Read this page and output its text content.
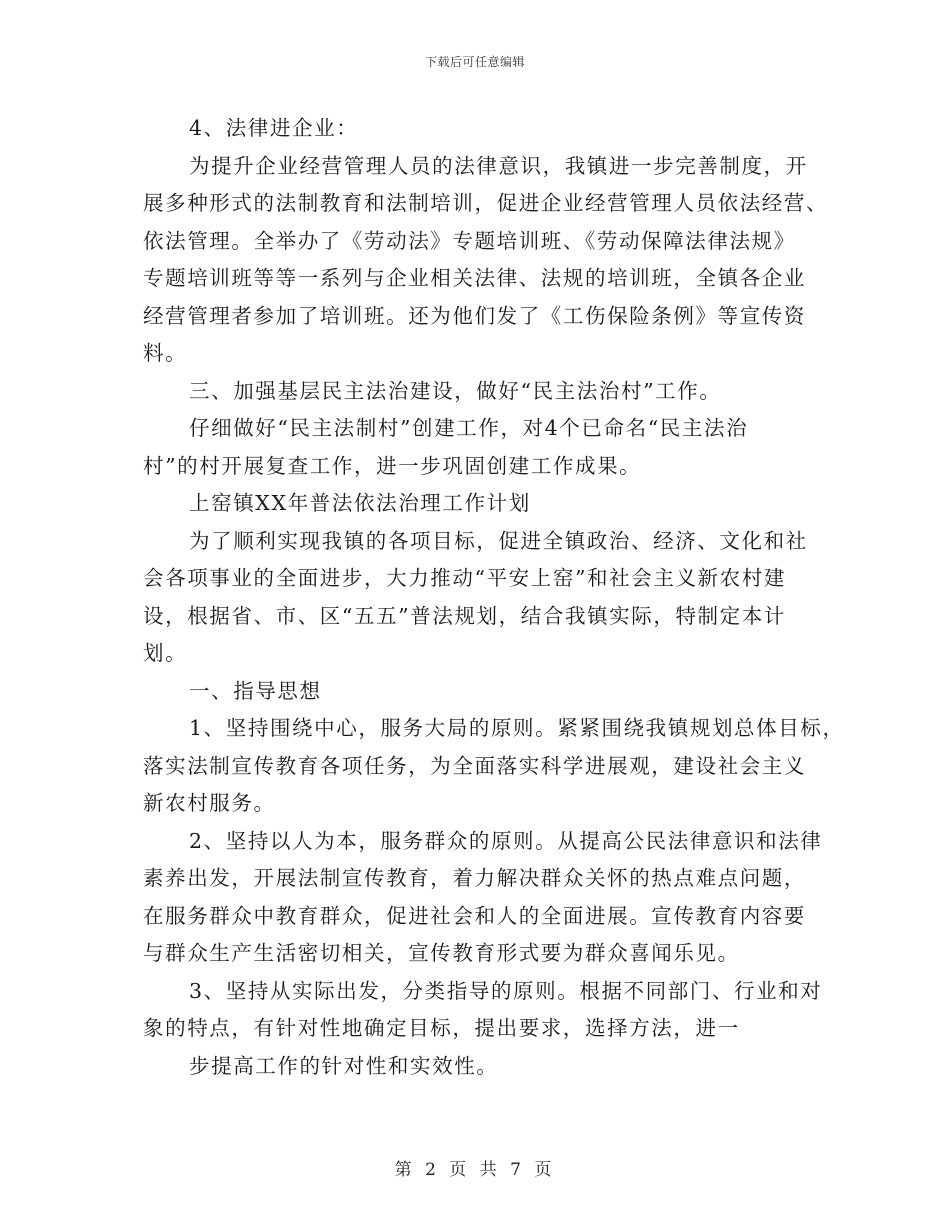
下载后可任意编辑
4、法律进企业：
为提升企业经营管理人员的法律意识，我镇进一步完善制度，开
展多种形式的法制教育和法制培训，促进企业经营管理人员依法经营、
依法管理。全举办了《劳动法》专题培训班、《劳动保障法律法规》
专题培训班等等一系列与企业相关法律、法规的培训班，全镇各企业
经营管理者参加了培训班。还为他们发了《工伤保险条例》等宣传资
料。
三、加强基层民主法治建设，做好“民主法治村”工作。
仔细做好“民主法制村”创建工作，对4个已命名“民主法治
村”的村开展复查工作，进一步巩固创建工作成果。
上窑镇XX年普法依法治理工作计划
为了顺利实现我镇的各项目标，促进全镇政治、经济、文化和社
会各项事业的全面进步，大力推动“平安上窑”和社会主义新农村建
设，根据省、市、区“五五”普法规划，结合我镇实际，特制定本计
划。
一、指导思想
1、坚持围绕中心，服务大局的原则。紧紧围绕我镇规划总体目标，
落实法制宣传教育各项任务，为全面落实科学进展观，建设社会主义
新农村服务。
2、坚持以人为本，服务群众的原则。从提高公民法律意识和法律
素养出发，开展法制宣传教育，着力解决群众关怀的热点难点问题，
在服务群众中教育群众，促进社会和人的全面进展。宣传教育内容要
与群众生产生活密切相关，宣传教育形式要为群众喜闻乐见。
3、坚持从实际出发，分类指导的原则。根据不同部门、行业和对
象的特点，有针对性地确定目标，提出要求，选择方法，进一
步提高工作的针对性和实效性。
第 2 页 共 7 页
